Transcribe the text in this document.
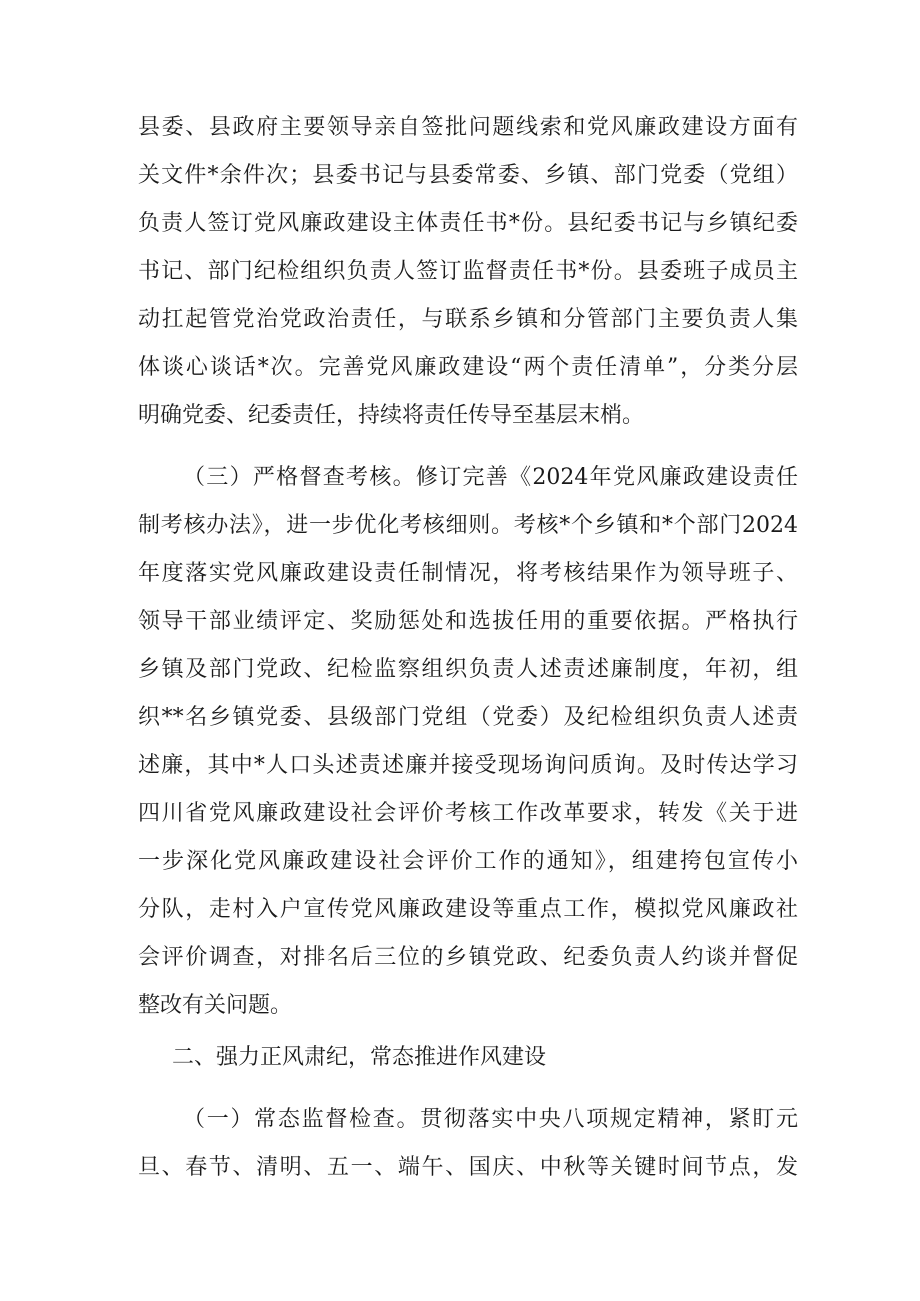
县委、县政府主要领导亲自签批问题线索和党风廉政建设方面有
关文件*余件次；县委书记与县委常委、乡镇、部门党委（党组）
负责人签订党风廉政建设主体责任书*份。县纪委书记与乡镇纪委
书记、部门纪检组织负责人签订监督责任书*份。县委班子成员主
动扛起管党治党政治责任，与联系乡镇和分管部门主要负责人集
体谈心谈话*次。完善党风廉政建设“两个责任清单”，分类分层
明确党委、纪委责任，持续将责任传导至基层末梢。
（三）严格督查考核。修订完善《2024年党风廉政建设责任
制考核办法》，进一步优化考核细则。考核*个乡镇和*个部门2024
年度落实党风廉政建设责任制情况，将考核结果作为领导班子、
领导干部业绩评定、奖励惩处和选拔任用的重要依据。严格执行
乡镇及部门党政、纪检监察组织负责人述责述廉制度，年初，组
织**名乡镇党委、县级部门党组（党委）及纪检组织负责人述责
述廉，其中*人口头述责述廉并接受现场询问质询。及时传达学习
四川省党风廉政建设社会评价考核工作改革要求，转发《关于进
一步深化党风廉政建设社会评价工作的通知》，组建挎包宣传小
分队，走村入户宣传党风廉政建设等重点工作，模拟党风廉政社
会评价调查，对排名后三位的乡镇党政、纪委负责人约谈并督促
整改有关问题。
二、强力正风肃纪，常态推进作风建设
（一）常态监督检查。贯彻落实中央八项规定精神，紧盯元
旦、春节、清明、五一、端午、国庆、中秋等关键时间节点，发
